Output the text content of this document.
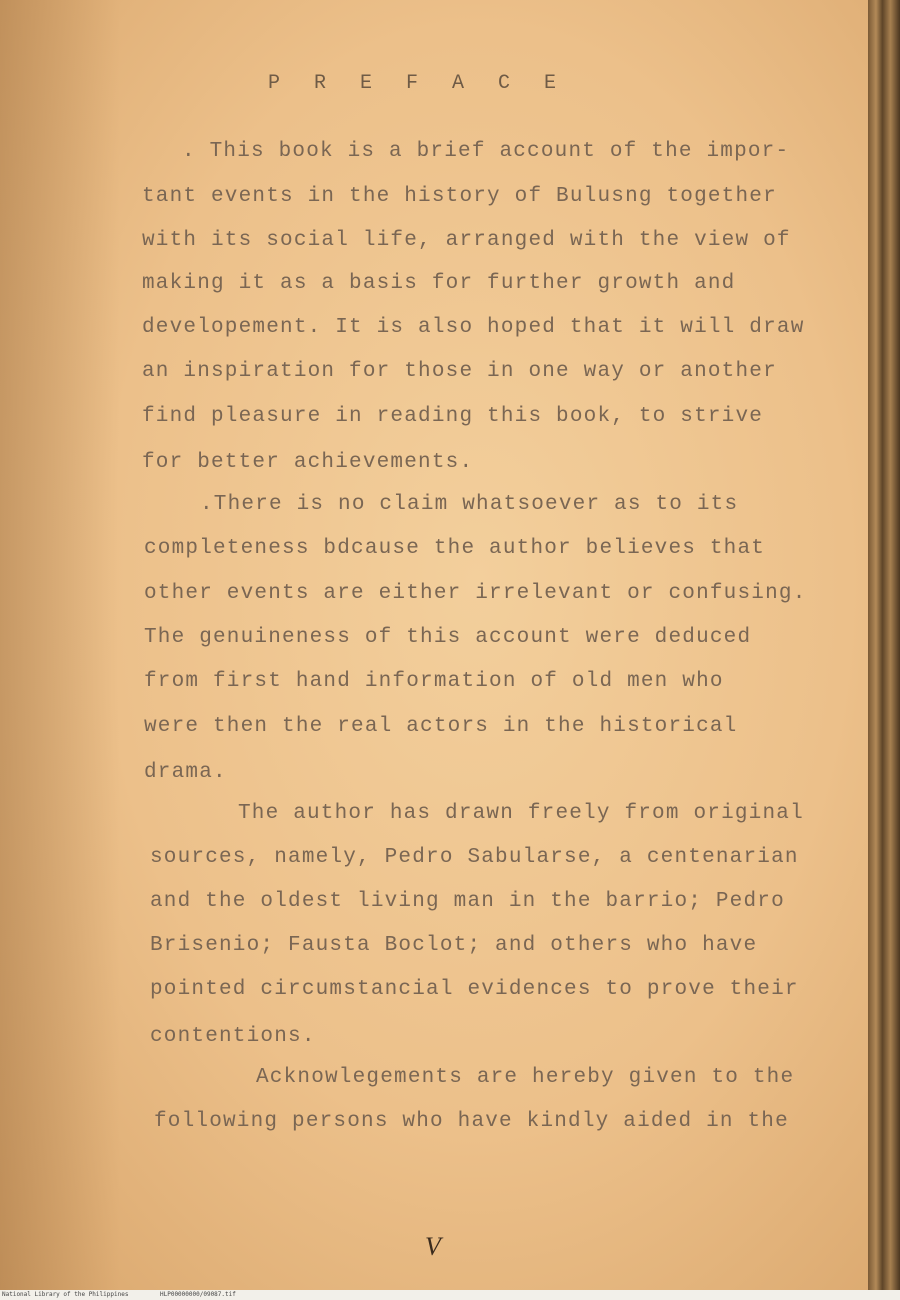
P R E F A C E
. This book is a brief account of the impor-
tant events in the history of Bulusng together
with its social life, arranged with the view of
making it as a basis for further growth and
developement. It is also hoped that it will draw
an inspiration for those in one way or another
find pleasure in reading this book, to strive
for better achievements.
.There is no claim whatsoever as to its
completeness bdcause the author believes that
other events are either irrelevant or confusing.
The genuineness of this account were deduced
from first hand information of old men who
were then the real actors in the historical
drama.
The author has drawn freely from original
sources, namely, Pedro Sabularse, a centenarian
and the oldest living man in the barrio; Pedro
Brisenio; Fausta Boclot; and others who have
pointed circumstancial evidences to prove their
contentions.
Acknowlegements are hereby given to the
following persons who have kindly aided in the
V
National Library of the Philippines	HLP00000000/09087.tif
